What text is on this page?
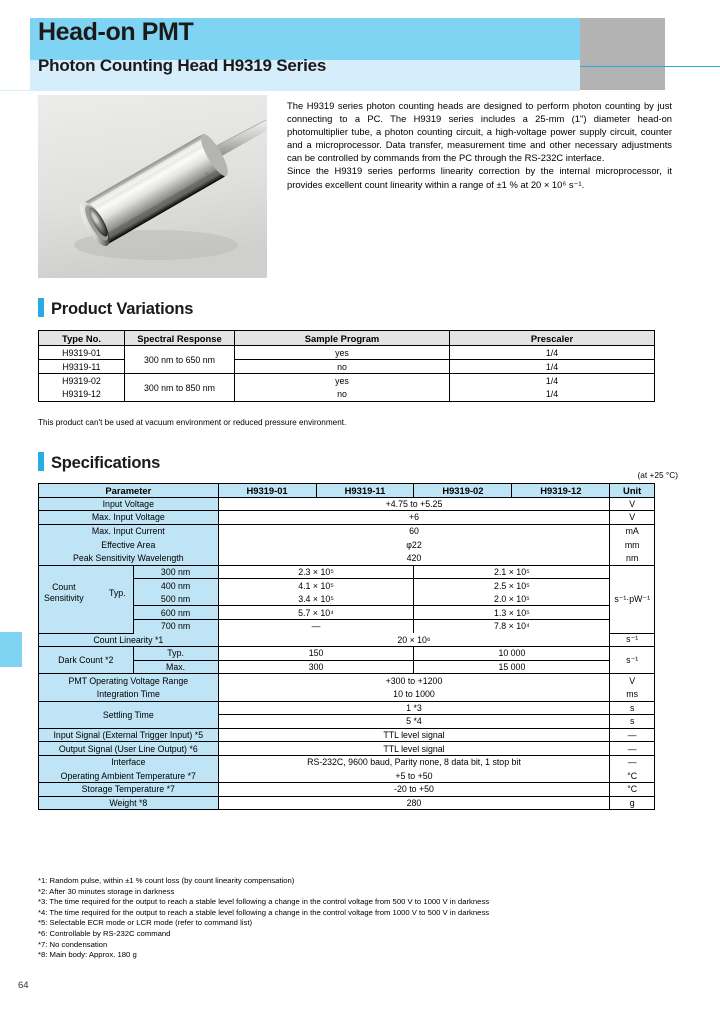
Head-on PMT
Photon Counting Head H9319 Series

The H9319 series photon counting heads are designed to perform photon counting by just connecting to a PC. The H9319 series includes a 25-mm (1") diameter head-on photomultiplier tube, a photon counting circuit, a high-voltage power supply circuit, counter and a microprocessor. Data transfer, measurement time and other necessary adjustments can be controlled by commands from the PC through the RS-232C interface.

Since the H9319 series performs linearity correction by the internal microprocessor, it provides excellent count linearity within a range of ±1 % at 20 × 10⁶ s⁻¹.

Product Variations
Type No.	Spectral Response	Sample Program	Prescaler
H9319-01	300 nm to 650 nm	yes	1/4
H9319-11		no	1/4
H9319-02	300 nm to 850 nm	yes	1/4
H9319-12		no	1/4
This product can't be used at vacuum environment or reduced pressure environment.
Specifications
(at +25 °C)
Parameter		H9319-01	H9319-11	H9319-02	H9319-12	Unit
Input Voltage		+4.75 to +5.25				V
Max. Input Voltage		+6				V
Max. Input Current		60				mA
Effective Area		φ22				mm
Peak Sensitivity Wavelength		420				nm

Count
Sensitivity Typ.	300 nm	2.3 × 10⁵		2.1 × 10⁵		s⁻¹·pW⁻¹
	400 nm	4.1 × 10⁵		2.5 × 10⁵		
	500 nm	3.4 × 10⁵		2.0 × 10⁵		
	600 nm	5.7 × 10⁴		1.3 × 10⁵		
	700 nm	—		7.8 × 10⁴		
Count Linearity *1		20 × 10⁶				s⁻¹
Dark Count *2	Typ.	150		10 000		s⁻¹
	Max.	300		15 000		
PMT Operating Voltage Range		+300 to +1200				V
Integration Time		10 to 1000				ms
Settling Time		1 *3				s
		5 *4				s
Input Signal (External Trigger Input) *5		TTL level signal				—
Output Signal (User Line Output) *6		TTL level signal				—
Interface		RS-232C, 9600 baud, Parity none, 8 data bit, 1 stop bit				—
Operating Ambient Temperature *7		+5 to +50				°C
Storage Temperature *7		-20 to +50				°C
Weight *8		280				g
*1: Random pulse, within ±1 % count loss (by count linearity compensation)
*2: After 30 minutes storage in darkness
*3: The time required for the output to reach a stable level following a change in the control voltage from 500 V to 1000 V in darkness
*4: The time required for the output to reach a stable level following a change in the control voltage from 1000 V to 500 V in darkness
*5: Selectable ECR mode or LCR mode (refer to command list)
*6: Controllable by RS-232C command
*7: No condensation
*8: Main body: Approx. 180 g
64
